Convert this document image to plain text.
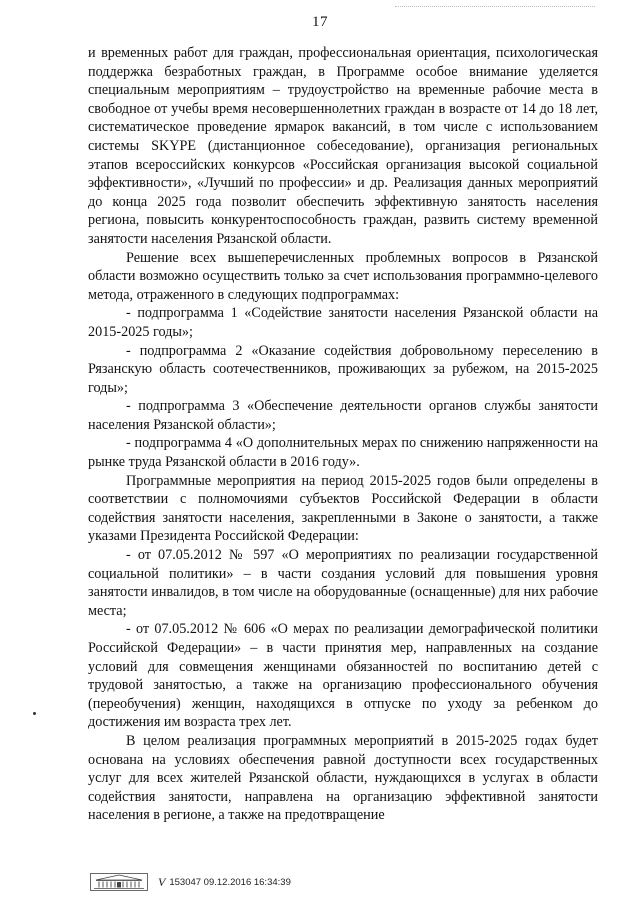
17

и временных работ для граждан, профессиональная ориентация, психологическая поддержка безработных граждан, в Программе особое внимание уделяется специальным мероприятиям – трудоустройство на временные рабочие места в свободное от учебы время несовершеннолетних граждан в возрасте от 14 до 18 лет, систематическое проведение ярмарок вакансий, в том числе с использованием системы SKYPE (дистанционное собеседование), организация региональных этапов всероссийских конкурсов «Российская организация высокой социальной эффективности», «Лучший по профессии» и др. Реализация данных мероприятий до конца 2025 года позволит обеспечить эффективную занятость населения региона, повысить конкурентоспособность граждан, развить систему временной занятости населения Рязанской области.

Решение всех вышеперечисленных проблемных вопросов в Рязанской области возможно осуществить только за счет использования программно-целевого метода, отраженного в следующих подпрограммах:

- подпрограмма 1 «Содействие занятости населения Рязанской области на 2015-2025 годы»;

- подпрограмма 2 «Оказание содействия добровольному переселению в Рязанскую область соотечественников, проживающих за рубежом, на 2015-2025 годы»;

- подпрограмма 3 «Обеспечение деятельности органов службы занятости населения Рязанской области»;

- подпрограмма 4 «О дополнительных мерах по снижению напряженности на рынке труда Рязанской области в 2016 году».

Программные мероприятия на период 2015-2025 годов были определены в соответствии с полномочиями субъектов Российской Федерации в области содействия занятости населения, закрепленными в Законе о занятости, а также указами Президента Российской Федерации:

- от 07.05.2012 № 597 «О мероприятиях по реализации государственной социальной политики» – в части создания условий для повышения уровня занятости инвалидов, в том числе на оборудованные (оснащенные) для них рабочие места;

- от 07.05.2012 № 606 «О мерах по реализации демографической политики Российской Федерации» – в части принятия мер, направленных на создание условий для совмещения женщинами обязанностей по воспитанию детей с трудовой занятостью, а также на организацию профессионального обучения (переобучения) женщин, находящихся в отпуске по уходу за ребенком до достижения им возраста трех лет.

В целом реализация программных мероприятий в 2015-2025 годах будет основана на условиях обеспечения равной доступности всех государственных услуг для всех жителей Рязанской области, нуждающихся в услугах в области содействия занятости, направлена на организацию эффективной занятости населения в регионе, а также на предотвращение

V 153047 09.12.2016 16:34:39
